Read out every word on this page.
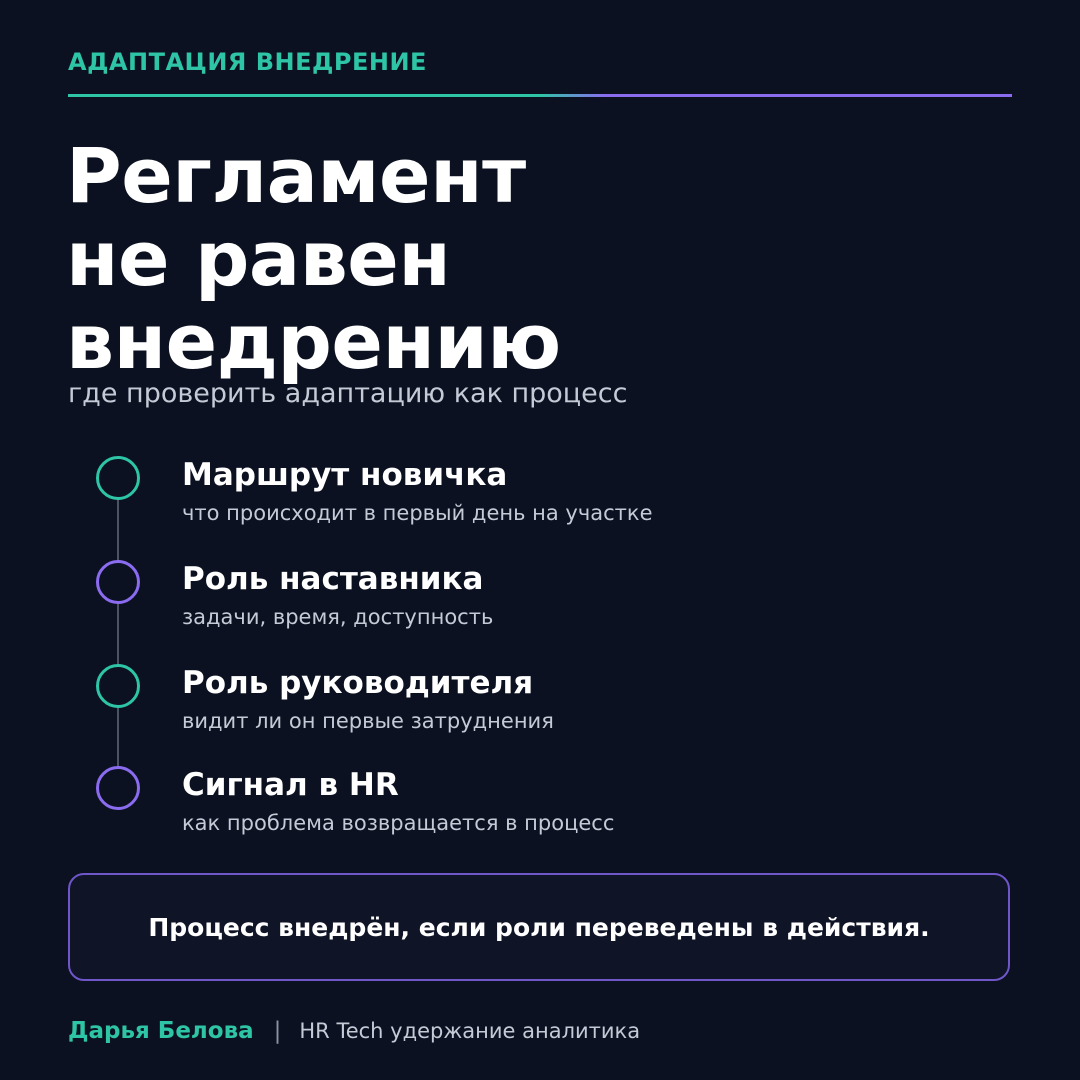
АДАПТАЦИЯ ВНЕДРЕНИЕ
Регламент
не равен
внедрению
где проверить адаптацию как процесс
Маршрут новичка
что происходит в первый день на участке
Роль наставника
задачи, время, доступность
Роль руководителя
видит ли он первые затруднения
Сигнал в HR
как проблема возвращается в процесс
Процесс внедрён, если роли переведены в действия.
Дарья Белова | HR Tech удержание аналитика
